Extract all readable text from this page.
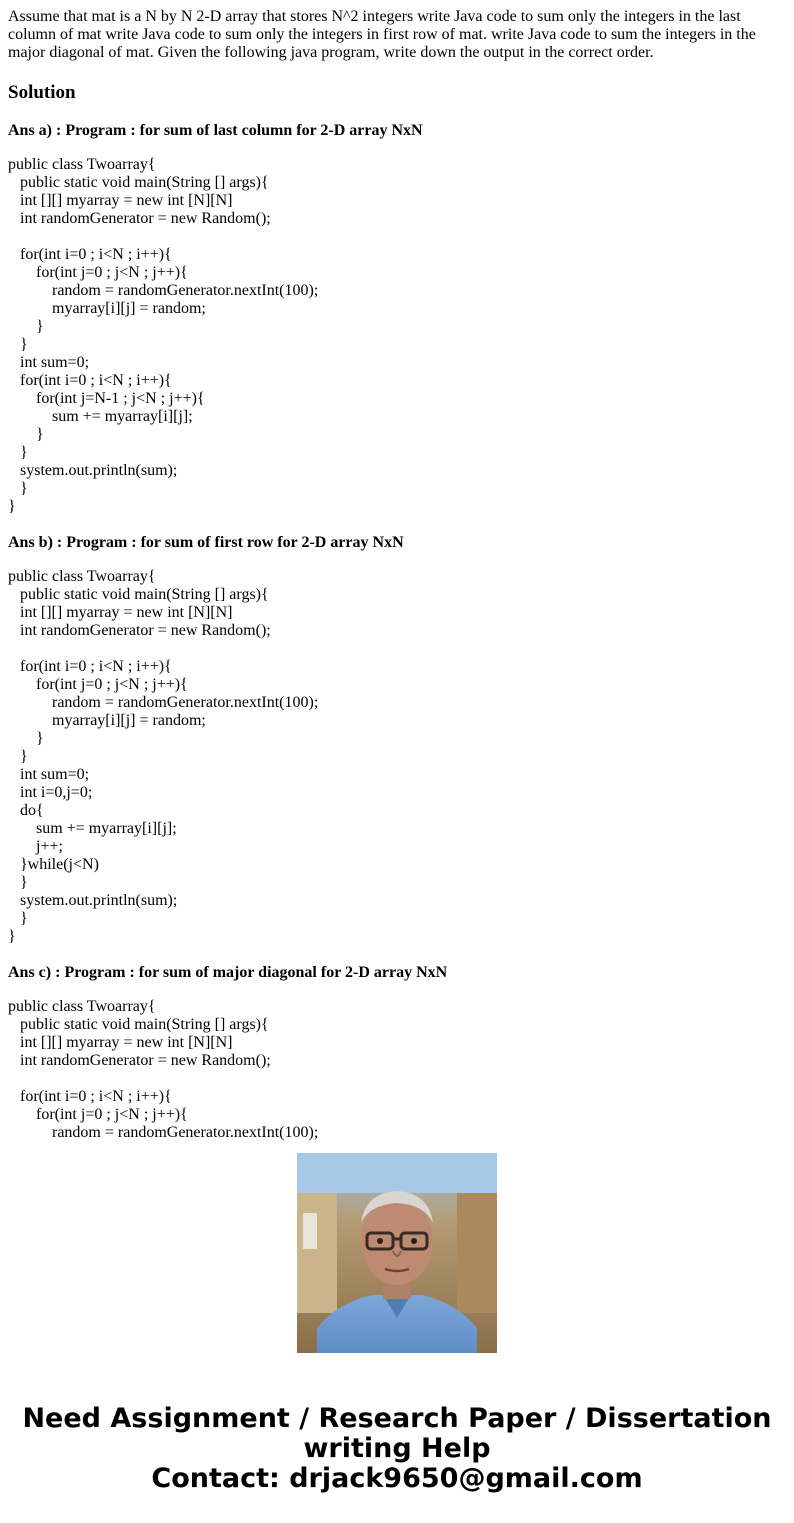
Assume that mat is a N by N 2-D array that stores N^2 integers write Java code to sum only the integers in the last column of mat write Java code to sum only the integers in first row of mat. write Java code to sum the integers in the major diagonal of mat. Given the following java program, write down the output in the correct order.
Solution
Ans a) : Program : for sum of last column for 2-D array NxN
public class Twoarray{
public static void main(String [] args){
int [][] myarray = new int [N][N]
int randomGenerator = new Random();
for(int i=0 ; i<N ; i++){
for(int j=0 ; j<N ; j++){
random = randomGenerator.nextInt(100);
myarray[i][j] = random;
}
}
int sum=0;
for(int i=0 ; i<N ; i++){
for(int j=N-1 ; j<N ; j++){
sum += myarray[i][j];
}
}
system.out.println(sum);
}
}
Ans b) : Program : for sum of first row for 2-D array NxN
public class Twoarray{
public static void main(String [] args){
int [][] myarray = new int [N][N]
int randomGenerator = new Random();
for(int i=0 ; i<N ; i++){
for(int j=0 ; j<N ; j++){
random = randomGenerator.nextInt(100);
myarray[i][j] = random;
}
}
int sum=0;
int i=0,j=0;
do{
sum += myarray[i][j];
j++;
}while(j<N)
}
system.out.println(sum);
}
}
Ans c) : Program : for sum of major diagonal for 2-D array NxN
public class Twoarray{
public static void main(String [] args){
int [][] myarray = new int [N][N]
int randomGenerator = new Random();
for(int i=0 ; i<N ; i++){
for(int j=0 ; j<N ; j++){
random = randomGenerator.nextInt(100);
Need Assignment / Research Paper / Dissertation
writing Help
Contact: drjack9650@gmail.com
